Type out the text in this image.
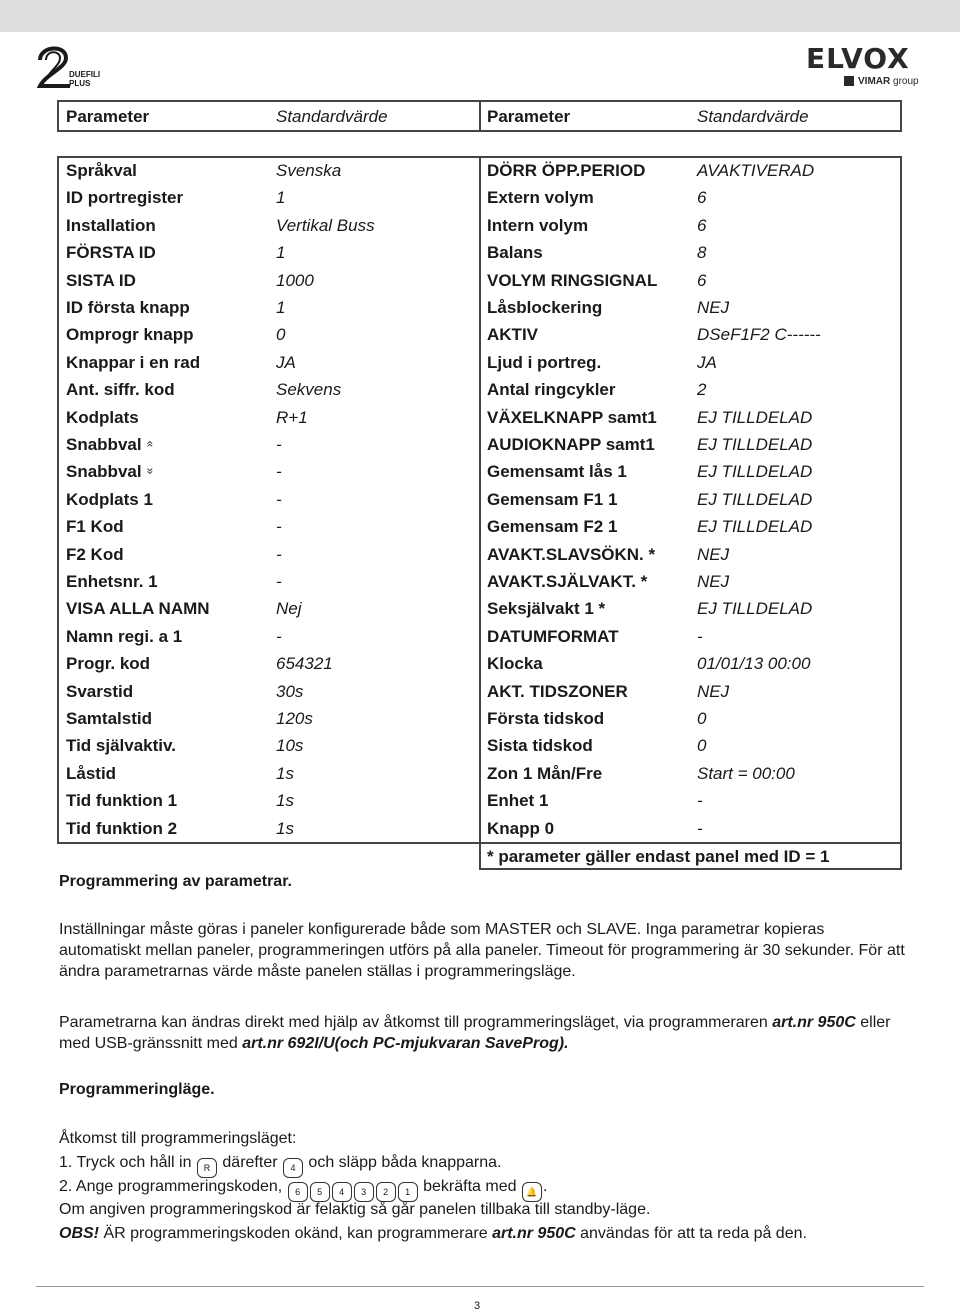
DUEFILI PLUS
ELVOX
VIMAR group
Parameter	Standardvärde	Parameter	Standardvärde
Språkval	Svenska
ID portregister	1
Installation	Vertikal Buss
FÖRSTA ID	1
SISTA ID	1000
ID första knapp	1
Omprogr knapp	0
Knappar i en rad	JA
Ant. siffr. kod	Sekvens
Kodplats	R+1
Snabbval	-
«
Snabbval	-
»
Kodplats 1	-
F1 Kod	-
F2 Kod	-
Enhetsnr. 1	-
VISA ALLA NAMN	Nej
Namn regi. a 1	-
Progr. kod	654321
Svarstid	30s
Samtalstid	120s
Tid självaktiv.	10s
Låstid	1s
Tid funktion 1	1s
Tid funktion 2	1s
DÖRR ÖPP.PERIOD	AVAKTIVERAD
Extern volym	6
Intern volym	6
Balans	8
VOLYM RINGSIGNAL 6
Låsblockering	NEJ
AKTIV	DSeF1F2 C------
Ljud i portreg.	JA
Antal ringcykler	2
VÄXELKNAPP samt1 EJ TILLDELAD
AUDIOKNAPP samt1 EJ TILLDELAD
Gemensamt lås 1	EJ TILLDELAD
Gemensam F1 1	EJ TILLDELAD
Gemensam F2 1	EJ TILLDELAD
AVAKT.SLAVSÖKN. * NEJ
AVAKT.SJÄLVAKT. *	NEJ
Seksjälvakt 1 *	EJ TILLDELAD
DATUMFORMAT	-
Klocka	01/01/13 00:00
AKT. TIDSZONER	NEJ
Första tidskod	0
Sista tidskod	0
Zon 1 Mån/Fre	Start = 00:00
Enhet 1	-
Knapp 0	-
* parameter gäller endast panel med ID = 1
Programmering av parametrar.
Inställningar måste göras i paneler konfigurerade både som MASTER och SLAVE. Inga parametrar kopieras automatiskt mellan paneler, programmeringen utförs på alla paneler. Timeout för programmering är 30 sekunder. För att ändra parametrarnas värde måste panelen ställas i programmeringsläge.
Parametrarna kan ändras direkt med hjälp av åtkomst till programmeringsläget, via programmeraren art.nr 950C eller med USB-gränssnitt med art.nr 692I/U(och PC-mjukvaran SaveProg).
Programmeringläge.
Åtkomst till programmeringsläget:
1. Tryck och håll in R därefter 4 och släpp båda knapparna.
2. Ange programmeringskoden, 6 5 4 3 2 1 bekräfta med 🔔 .
Om angiven programmeringskod är felaktig så går panelen tillbaka till standby-läge.
OBS! ÄR programmeringskoden okänd, kan programmerare art.nr 950C användas för att ta reda på den.
3
